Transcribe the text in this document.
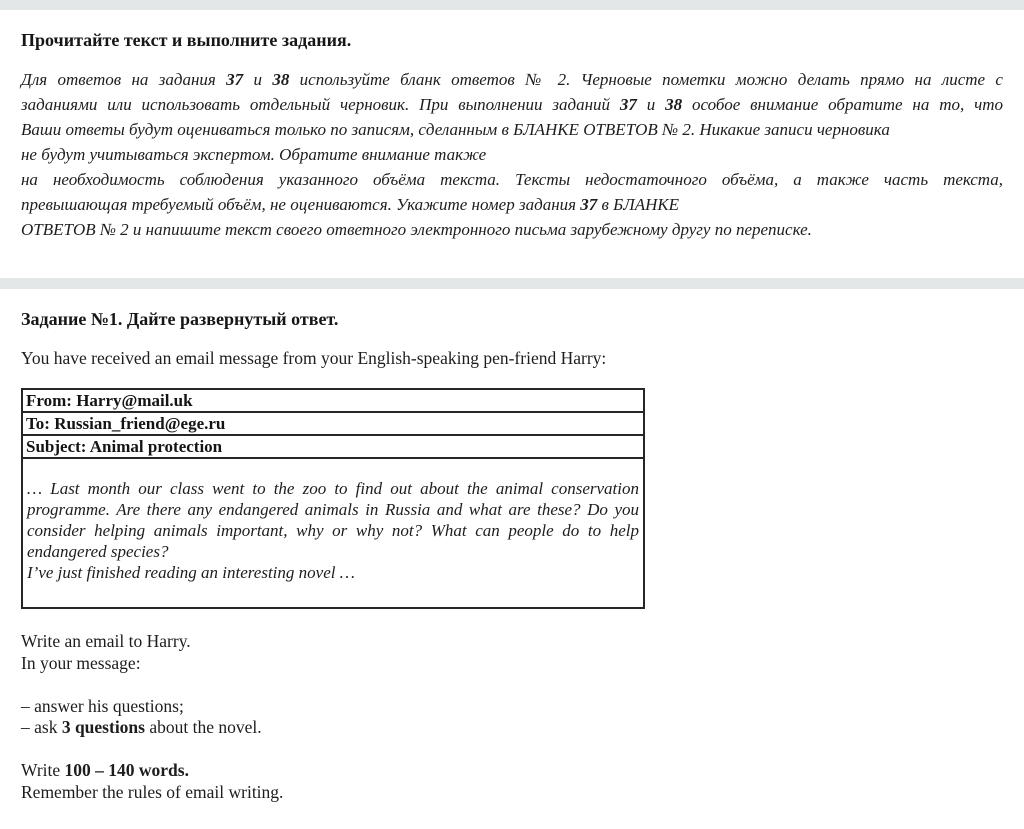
Прочитайте текст и выполните задания.
Для ответов на задания 37 и 38 используйте бланк ответов № 2. Черновые пометки можно делать прямо на листе с
заданиями или использовать отдельный черновик. При выполнении заданий 37 и 38 особое внимание обратите на то, что
Ваши ответы будут оцениваться только по записям, сделанным в БЛАНКЕ ОТВЕТОВ № 2. Никакие записи черновика
не будут учитываться экспертом. Обратите внимание также
на необходимость соблюдения указанного объёма текста. Тексты недостаточного объёма, а также часть текста,
превышающая требуемый объём, не оцениваются. Укажите номер задания 37 в БЛАНКЕ
ОТВЕТОВ № 2 и напишите текст своего ответного электронного письма зарубежному другу по переписке.
Задание №1. Дайте развернутый ответ.
You have received an email message from your English-speaking pen-friend Harry:
From: Harry@mail.uk
To: Russian_friend@ege.ru
Subject: Animal protection
… Last month our class went to the zoo to find out about the animal conservation
programme. Are there any endangered animals in Russia and what are these? Do you
consider helping animals important, why or why not? What can people do to help
endangered species?
I’ve just finished reading an interesting novel …
Write an email to Harry.
In your message:
– answer his questions;
– ask 3 questions about the novel.
Write 100 – 140 words.
Remember the rules of email writing.
